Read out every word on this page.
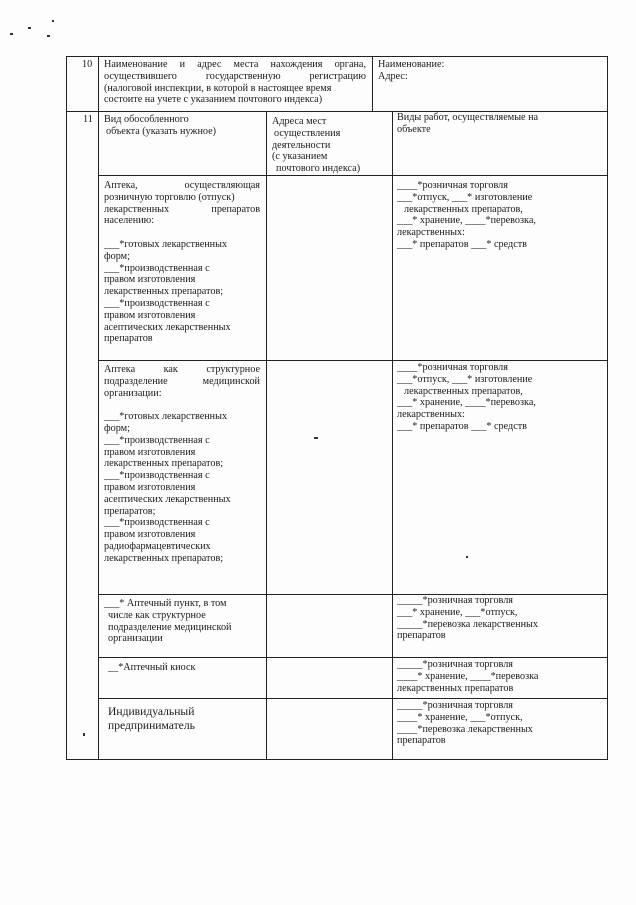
10 Наименование и адрес места нахождения органа,
осуществившего государственную регистрацию
(налоговой инспекции, в которой в настоящее время
состоите на учете с указанием почтового индекса)
Наименование:
Адрес:
11 Вид обособленного
объекта (указать нужное)
Адреса мест
осуществления
деятельности
(с указанием
почтового индекса)
Виды работ, осуществляемые на
объекте
Аптека, осуществляющая
розничную торговлю (отпуск)
лекарственных препаратов
населению:
___*готовых лекарственных
форм;
___*производственная с
правом изготовления
лекарственных препаратов;
___*производственная с
правом изготовления
асептических лекарственных
препаратов
____*розничная торговля
___*отпуск, ___* изготовление
лекарственных препаратов,
___* хранение, ____*перевозка,
лекарственных:
___* препаратов ___* средств
Аптека как структурное
подразделение медицинской
организации:
___*готовых лекарственных
форм;
___*производственная с
правом изготовления
лекарственных препаратов;
___*производственная с
правом изготовления
асептических лекарственных
препаратов;
___*производственная с
правом изготовления
радиофармацевтических
лекарственных препаратов;
____*розничная торговля
___*отпуск, ___* изготовление
лекарственных препаратов,
___* хранение, ____*перевозка,
лекарственных:
___* препаратов ___* средств
___* Аптечный пункт, в том
числе как структурное
подразделение медицинской
организации
_____*розничная торговля
___* хранение, ___*отпуск,
_____*перевозка лекарственных
препаратов
__*Аптечный киоск	_____*розничная торговля
____* хранение, ____*перевозка
лекарственных препаратов
Индивидуальный
предприниматель
_____*розничная торговля
____* хранение, ___*отпуск,
____*перевозка лекарственных
препаратов
